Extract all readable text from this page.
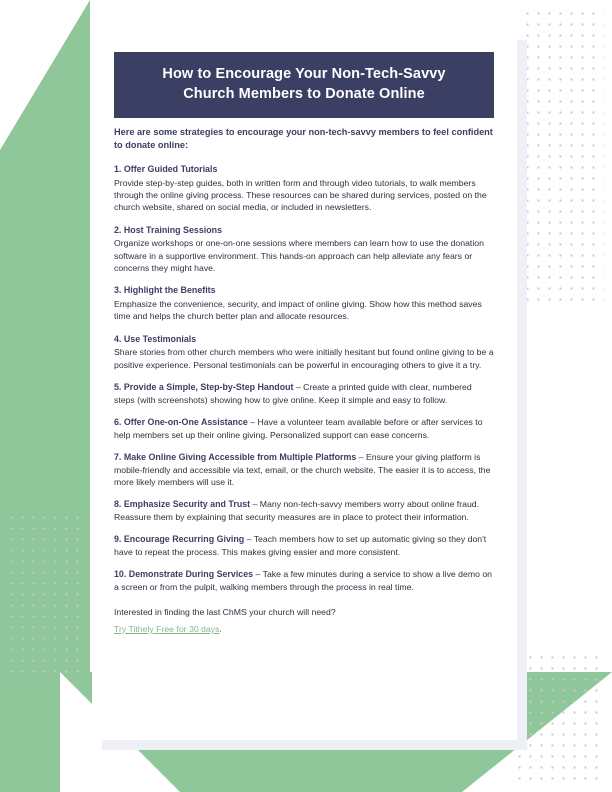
How to Encourage Your Non-Tech-Savvy
Church Members to Donate Online
Here are some strategies to encourage your non-tech-savvy members to feel confident to donate online:
1. Offer Guided Tutorials
Provide step-by-step guides, both in written form and through video tutorials, to walk members through the online giving process. These resources can be shared during services, posted on the church website, shared on social media, or included in newsletters.
2. Host Training Sessions
Organize workshops or one-on-one sessions where members can learn how to use the donation software in a supportive environment. This hands-on approach can help alleviate any fears or concerns they might have.
3. Highlight the Benefits
Emphasize the convenience, security, and impact of online giving. Show how this method saves time and helps the church better plan and allocate resources.
4. Use Testimonials
Share stories from other church members who were initially hesitant but found online giving to be a positive experience. Personal testimonials can be powerful in encouraging others to give it a try.
5. Provide a Simple, Step-by-Step Handout – Create a printed guide with clear, numbered steps (with screenshots) showing how to give online. Keep it simple and easy to follow.
6. Offer One-on-One Assistance – Have a volunteer team available before or after services to help members set up their online giving. Personalized support can ease concerns.
7. Make Online Giving Accessible from Multiple Platforms – Ensure your giving platform is mobile-friendly and accessible via text, email, or the church website. The easier it is to access, the more likely members will use it.
8. Emphasize Security and Trust – Many non-tech-savvy members worry about online fraud. Reassure them by explaining that security measures are in place to protect their information.
9. Encourage Recurring Giving – Teach members how to set up automatic giving so they don't have to repeat the process. This makes giving easier and more consistent.
10. Demonstrate During Services – Take a few minutes during a service to show a live demo on a screen or from the pulpit, walking members through the process in real time.
Interested in finding the last ChMS your church will need?
Try Tithely Free for 30 days.
